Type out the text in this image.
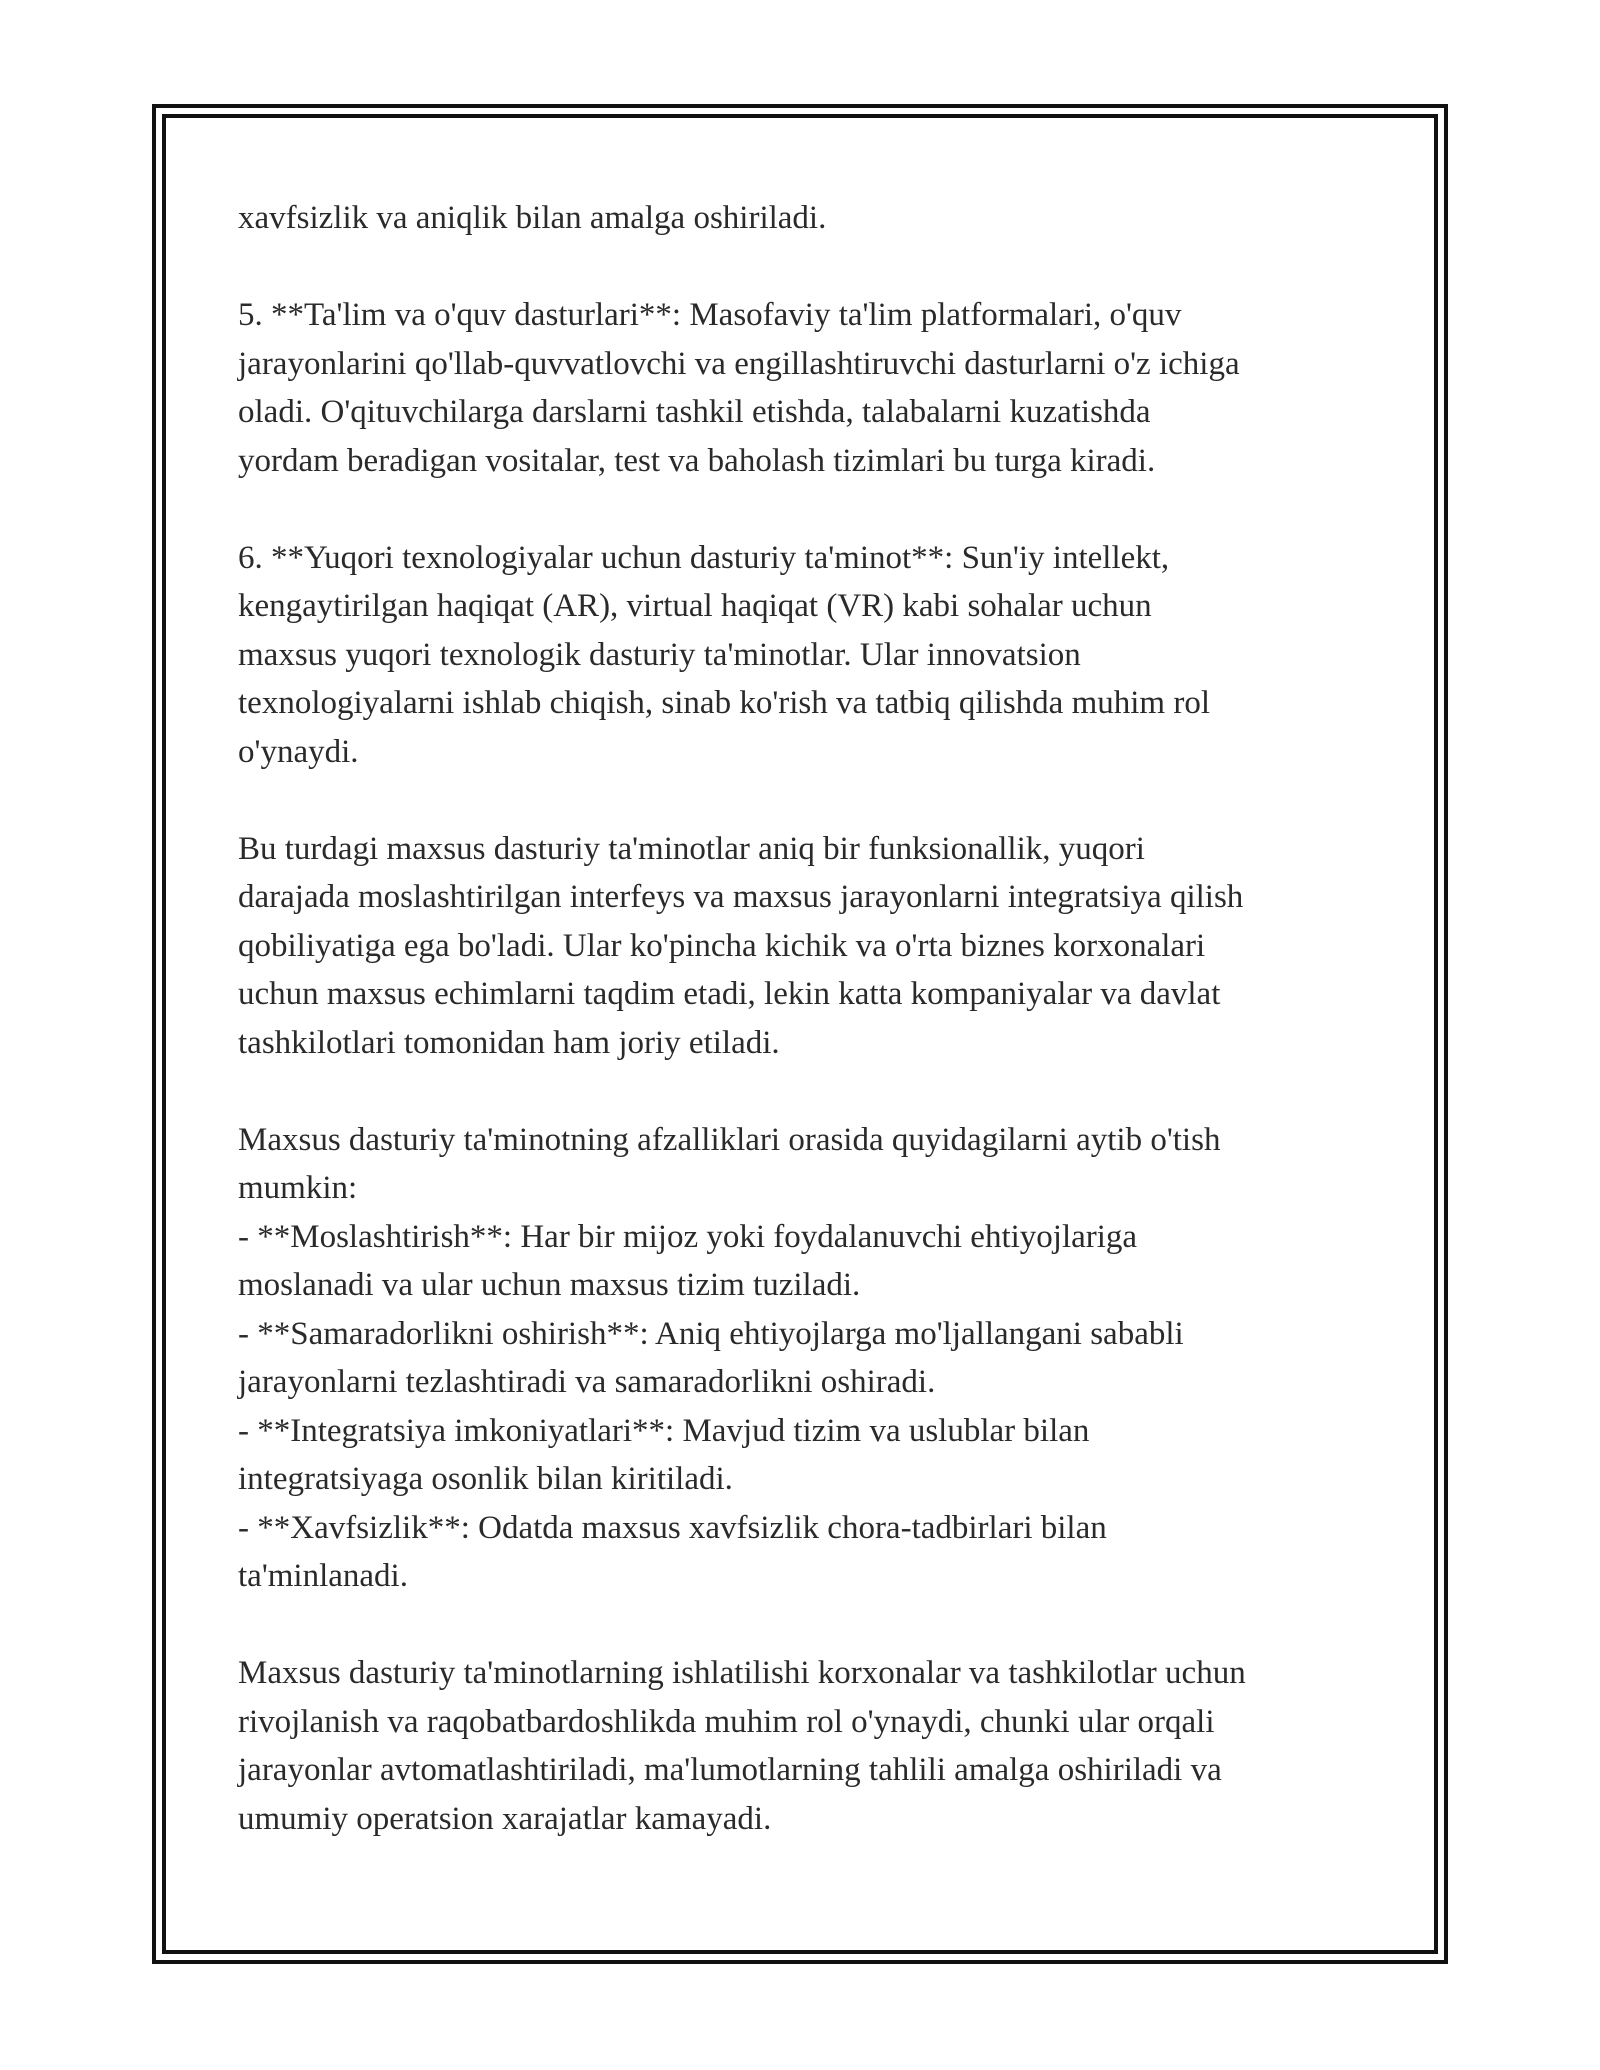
xavfsizlik va aniqlik bilan amalga oshiriladi.

5. **Ta'lim va o'quv dasturlari**: Masofaviy ta'lim platformalari, o'quv
jarayonlarini qo'llab-quvvatlovchi va engillashtiruvchi dasturlarni o'z ichiga
oladi. O'qituvchilarga darslarni tashkil etishda, talabalarni kuzatishda
yordam beradigan vositalar, test va baholash tizimlari bu turga kiradi.

6. **Yuqori texnologiyalar uchun dasturiy ta'minot**: Sun'iy intellekt,
kengaytirilgan haqiqat (AR), virtual haqiqat (VR) kabi sohalar uchun
maxsus yuqori texnologik dasturiy ta'minotlar. Ular innovatsion
texnologiyalarni ishlab chiqish, sinab ko'rish va tatbiq qilishda muhim rol
o'ynaydi.

Bu turdagi maxsus dasturiy ta'minotlar aniq bir funksionallik, yuqori
darajada moslashtirilgan interfeys va maxsus jarayonlarni integratsiya qilish
qobiliyatiga ega bo'ladi. Ular ko'pincha kichik va o'rta biznes korxonalari
uchun maxsus echimlarni taqdim etadi, lekin katta kompaniyalar va davlat
tashkilotlari tomonidan ham joriy etiladi.

Maxsus dasturiy ta'minotning afzalliklari orasida quyidagilarni aytib o'tish
mumkin:
- **Moslashtirish**: Har bir mijoz yoki foydalanuvchi ehtiyojlariga
moslanadi va ular uchun maxsus tizim tuziladi.
- **Samaradorlikni oshirish**: Aniq ehtiyojlarga mo'ljallangani sababli
jarayonlarni tezlashtiradi va samaradorlikni oshiradi.
- **Integratsiya imkoniyatlari**: Mavjud tizim va uslublar bilan
integratsiyaga osonlik bilan kiritiladi.
- **Xavfsizlik**: Odatda maxsus xavfsizlik chora-tadbirlari bilan
ta'minlanadi.

Maxsus dasturiy ta'minotlarning ishlatilishi korxonalar va tashkilotlar uchun
rivojlanish va raqobatbardoshlikda muhim rol o'ynaydi, chunki ular orqali
jarayonlar avtomatlashtiriladi, ma'lumotlarning tahlili amalga oshiriladi va
umumiy operatsion xarajatlar kamayadi.
